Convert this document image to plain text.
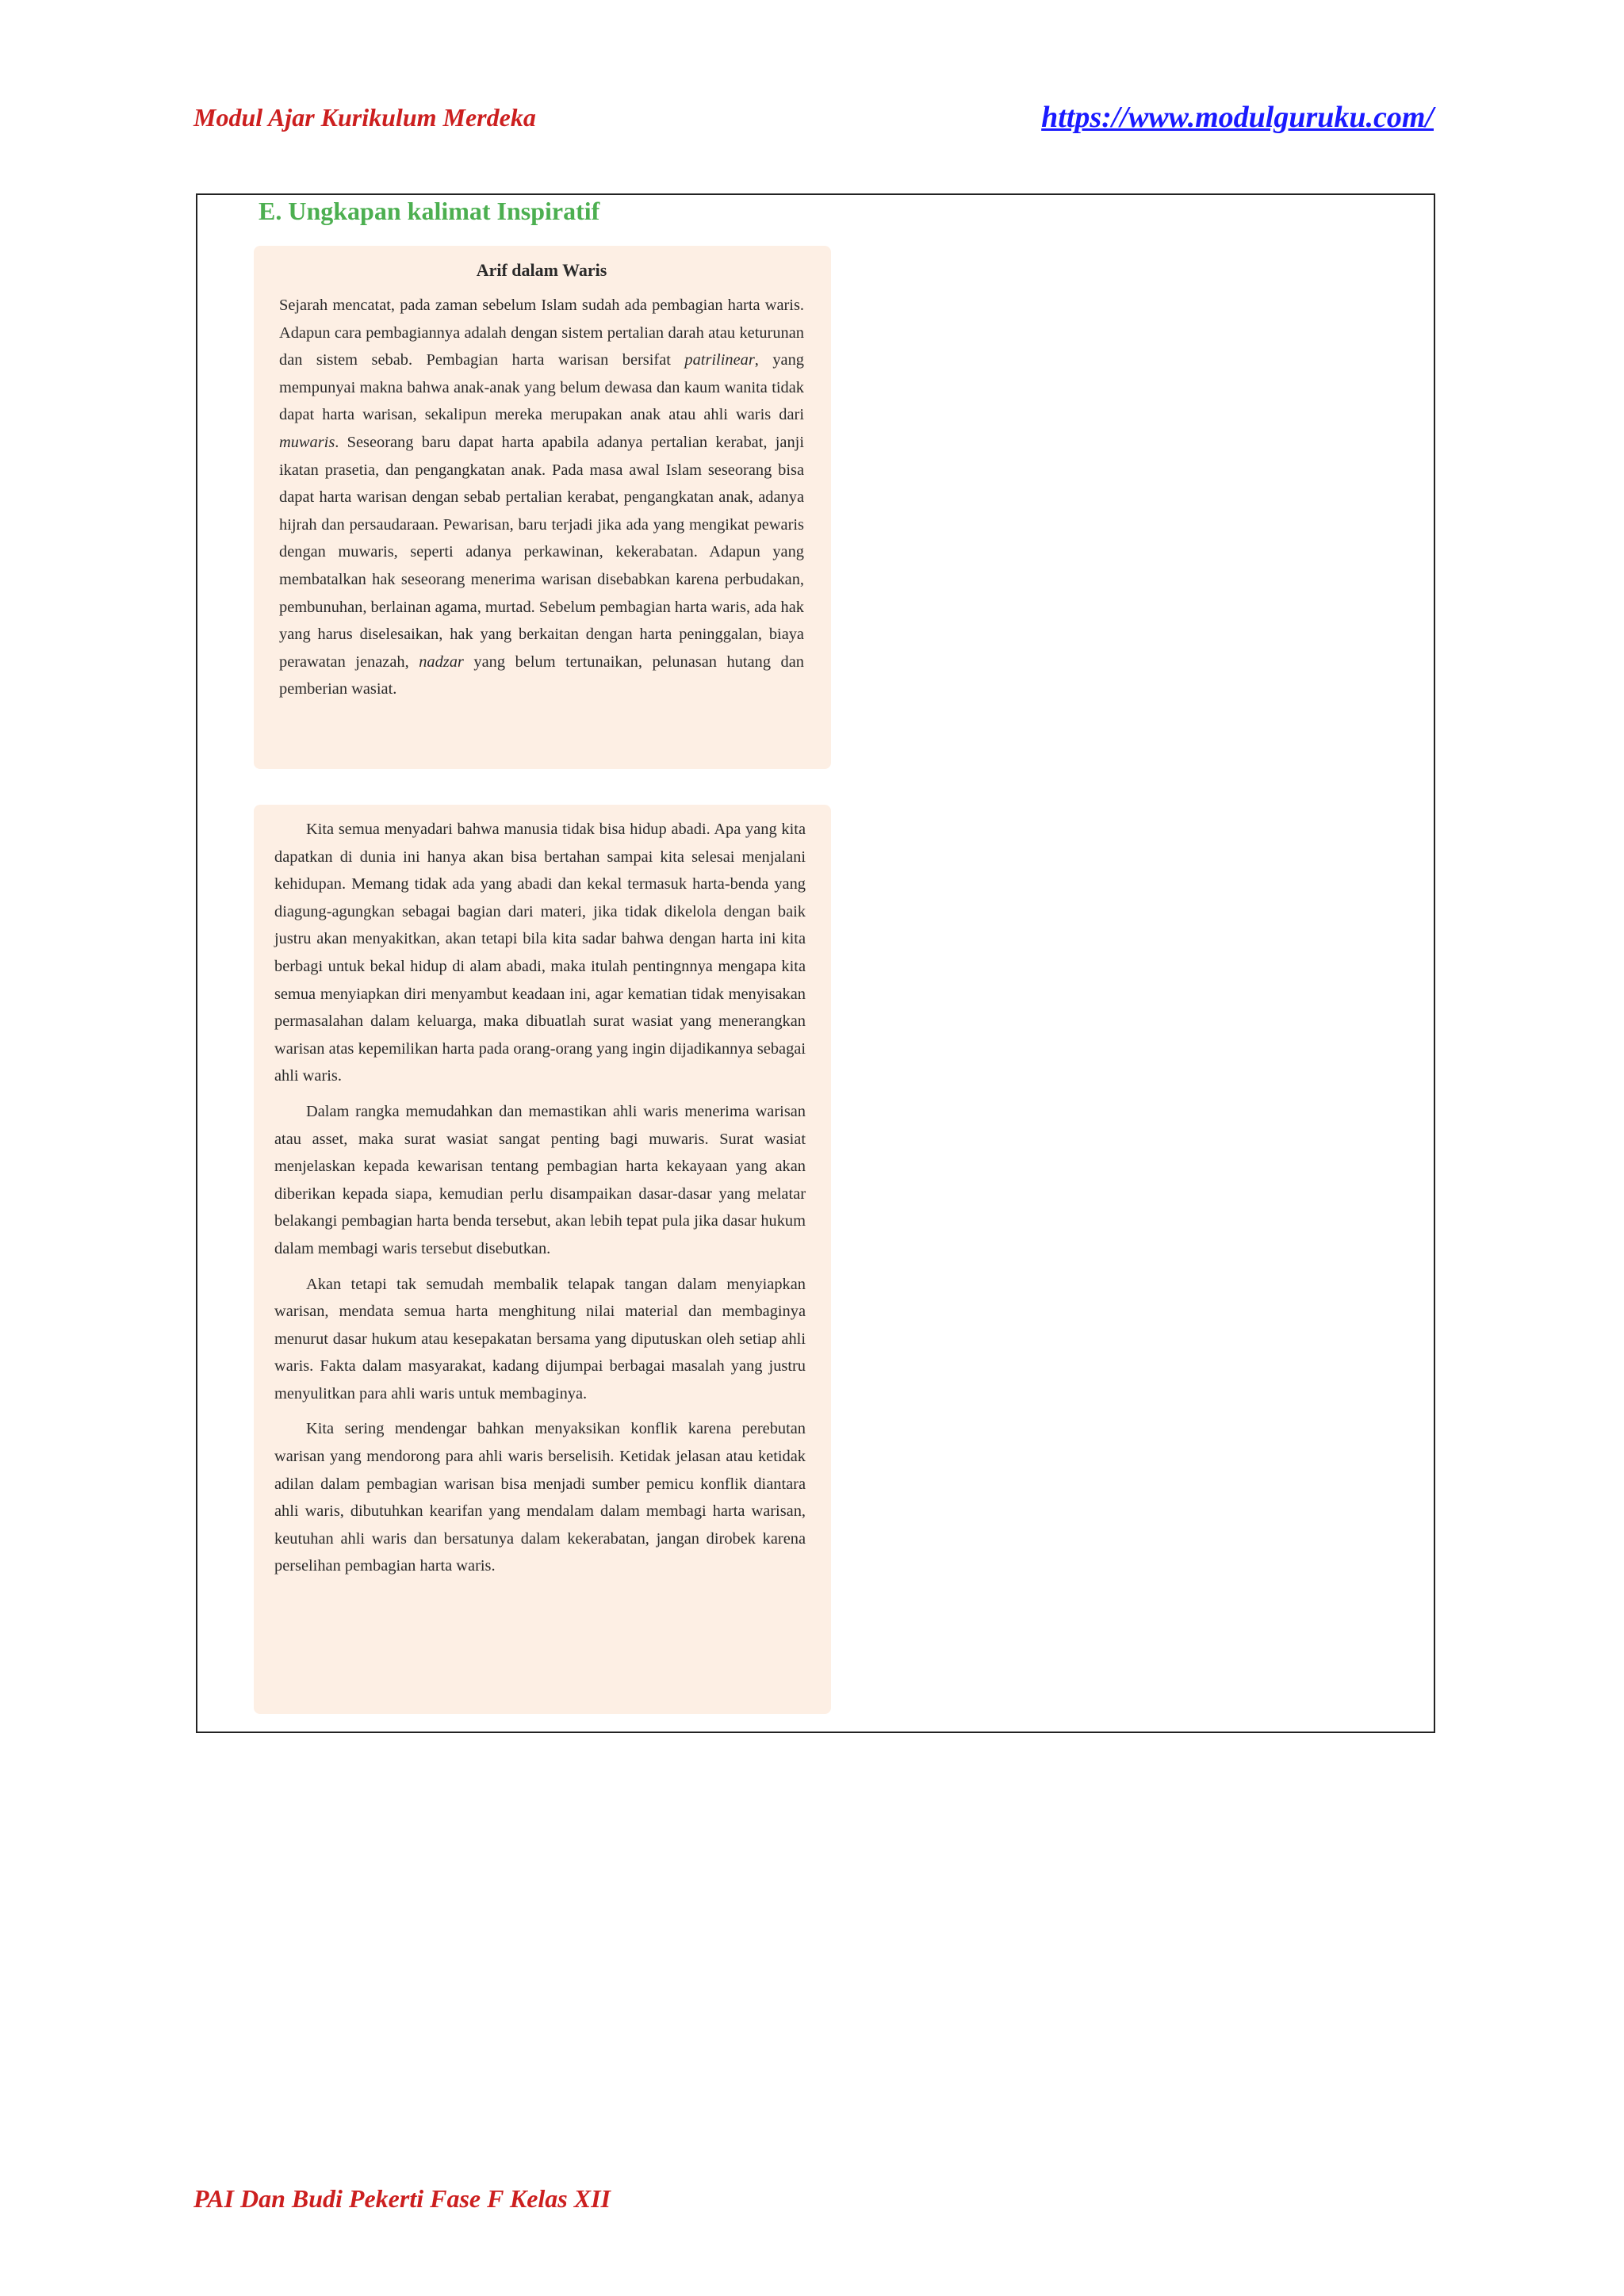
Modul Ajar Kurikulum Merdeka	https://www.modulguruku.com/
E. Ungkapan kalimat Inspiratif
Arif dalam Waris

Sejarah mencatat, pada zaman sebelum Islam sudah ada pembagian harta waris. Adapun cara pembagiannya adalah dengan sistem pertalian darah atau keturunan dan sistem sebab. Pembagian harta warisan bersifat patrilinear, yang mempunyai makna bahwa anak-anak yang belum dewasa dan kaum wanita tidak dapat harta warisan, sekalipun mereka merupakan anak atau ahli waris dari muwaris. Seseorang baru dapat harta apabila adanya pertalian kerabat, janji ikatan prasetia, dan pengangkatan anak. Pada masa awal Islam seseorang bisa dapat harta warisan dengan sebab pertalian kerabat, pengangkatan anak, adanya hijrah dan persaudaraan. Pewarisan, baru terjadi jika ada yang mengikat pewaris dengan muwaris, seperti adanya perkawinan, kekerabatan. Adapun yang membatalkan hak seseorang menerima warisan disebabkan karena perbudakan, pembunuhan, berlainan agama, murtad. Sebelum pembagian harta waris, ada hak yang harus diselesaikan, hak yang berkaitan dengan harta peninggalan, biaya perawatan jenazah, nadzar yang belum tertunaikan, pelunasan hutang dan pemberian wasiat.

Kita semua menyadari bahwa manusia tidak bisa hidup abadi. Apa yang kita dapatkan di dunia ini hanya akan bisa bertahan sampai kita selesai menjalani kehidupan. Memang tidak ada yang abadi dan kekal termasuk harta-benda yang diagung-agungkan sebagai bagian dari materi, jika tidak dikelola dengan baik justru akan menyakitkan, akan tetapi bila kita sadar bahwa dengan harta ini kita berbagi untuk bekal hidup di alam abadi, maka itulah pentingnnya mengapa kita semua menyiapkan diri menyambut keadaan ini, agar kematian tidak menyisakan permasalahan dalam keluarga, maka dibuatlah surat wasiat yang menerangkan warisan atas kepemilikan harta pada orang-orang yang ingin dijadikannya sebagai ahli waris.

Dalam rangka memudahkan dan memastikan ahli waris menerima warisan atau asset, maka surat wasiat sangat penting bagi muwaris. Surat wasiat menjelaskan kepada kewarisan tentang pembagian harta kekayaan yang akan diberikan kepada siapa, kemudian perlu disampaikan dasar-dasar yang melatar belakangi pembagian harta benda tersebut, akan lebih tepat pula jika dasar hukum dalam membagi waris tersebut disebutkan.

Akan tetapi tak semudah membalik telapak tangan dalam menyiapkan warisan, mendata semua harta menghitung nilai material dan membaginya menurut dasar hukum atau kesepakatan bersama yang diputuskan oleh setiap ahli waris. Fakta dalam masyarakat, kadang dijumpai berbagai masalah yang justru menyulitkan para ahli waris untuk membaginya.

Kita sering mendengar bahkan menyaksikan konflik karena perebutan warisan yang mendorong para ahli waris berselisih. Ketidak jelasan atau ketidak adilan dalam pembagian warisan bisa menjadi sumber pemicu konflik diantara ahli waris, dibutuhkan kearifan yang mendalam dalam membagi harta warisan, keutuhan ahli waris dan bersatunya dalam kekerabatan, jangan dirobek karena perselihan pembagian harta waris.

PAI Dan Budi Pekerti Fase F Kelas XII
